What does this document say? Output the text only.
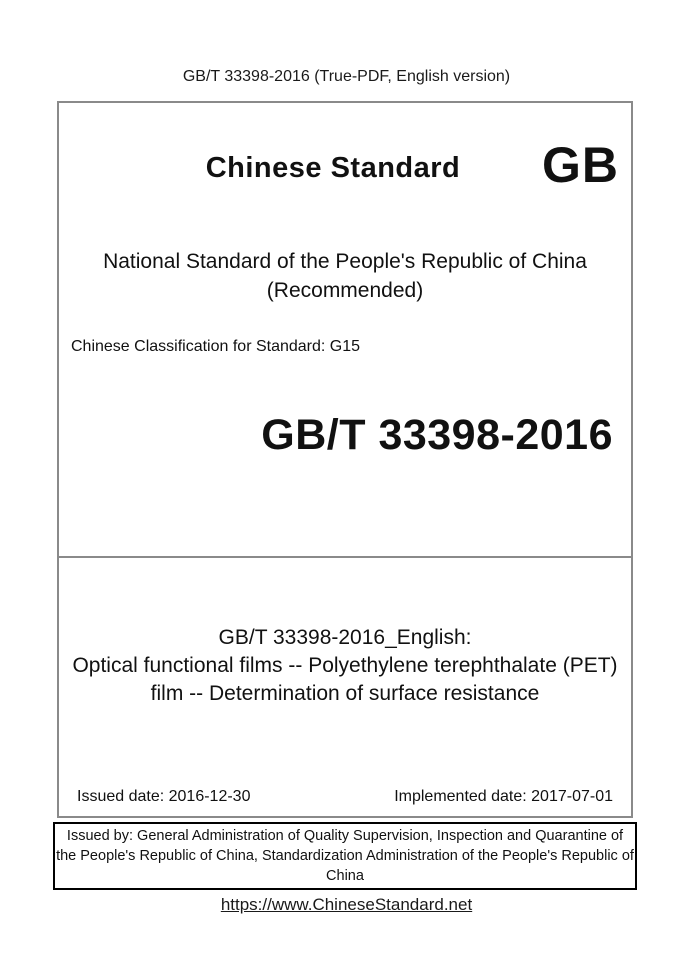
GB/T 33398-2016 (True-PDF, English version)
Chinese Standard	GB
National Standard of the People's Republic of China
(Recommended)
Chinese Classification for Standard: G15
GB/T 33398-2016
GB/T 33398-2016_English:
Optical functional films -- Polyethylene terephthalate (PET)
film -- Determination of surface resistance
Issued date: 2016-12-30	Implemented date: 2017-07-01
Issued by: General Administration of Quality Supervision, Inspection and Quarantine of
the People's Republic of China, Standardization Administration of the People's Republic of
China
https://www.ChineseStandard.net
